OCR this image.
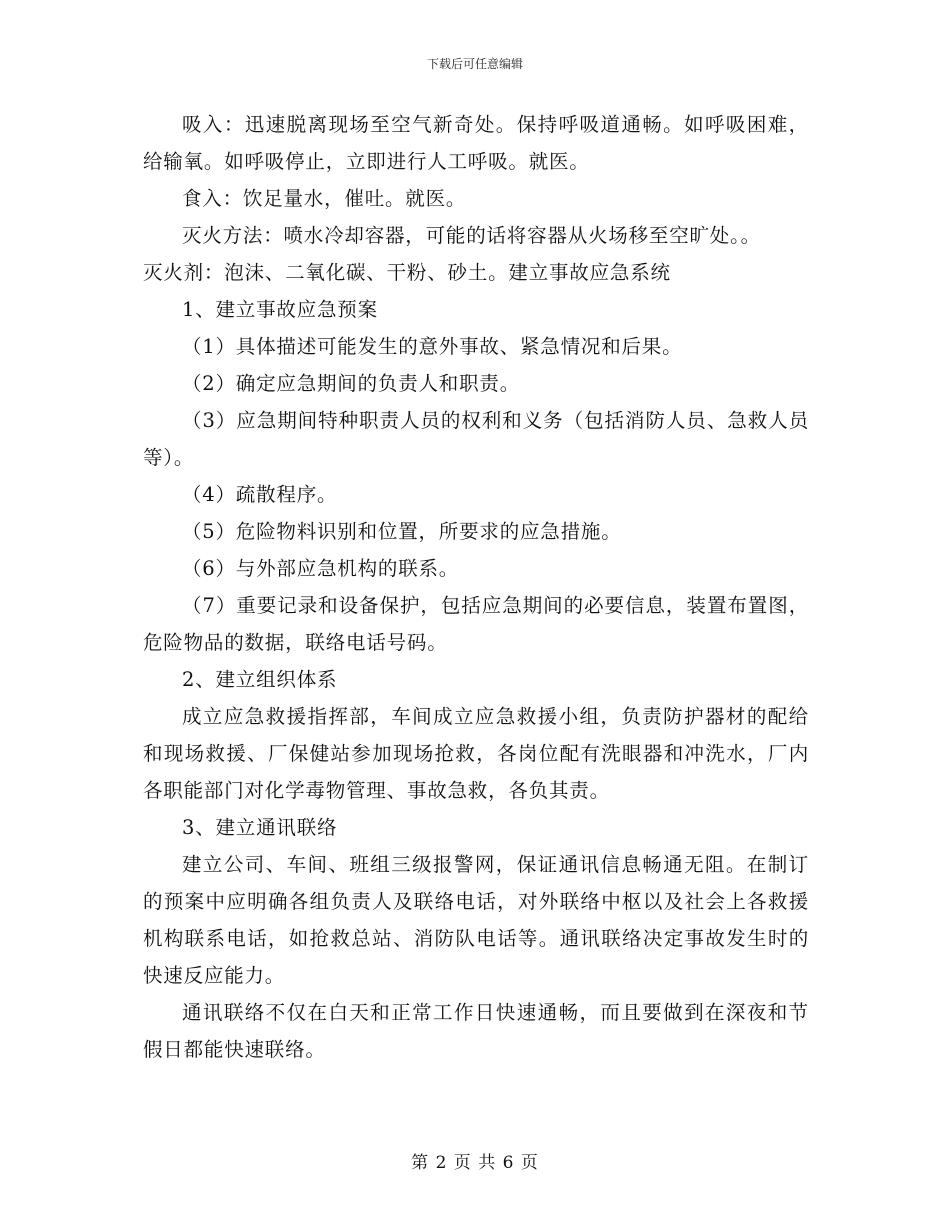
下载后可任意编辑

吸入：迅速脱离现场至空气新奇处。保持呼吸道通畅。如呼吸困难，给输氧。如呼吸停止，立即进行人工呼吸。就医。

食入：饮足量水，催吐。就医。

灭火方法：喷水冷却容器，可能的话将容器从火场移至空旷处。。

灭火剂：泡沫、二氧化碳、干粉、砂土。建立事故应急系统

1、建立事故应急预案

（1）具体描述可能发生的意外事故、紧急情况和后果。

（2）确定应急期间的负责人和职责。

（3）应急期间特种职责人员的权利和义务（包括消防人员、急救人员等）。

（4）疏散程序。

（5）危险物料识别和位置，所要求的应急措施。

（6）与外部应急机构的联系。

（7）重要记录和设备保护，包括应急期间的必要信息，装置布置图，危险物品的数据，联络电话号码。

2、建立组织体系

成立应急救援指挥部，车间成立应急救援小组，负责防护器材的配给和现场救援、厂保健站参加现场抢救，各岗位配有洗眼器和冲洗水，厂内各职能部门对化学毒物管理、事故急救，各负其责。

3、建立通讯联络

建立公司、车间、班组三级报警网，保证通讯信息畅通无阻。在制订的预案中应明确各组负责人及联络电话，对外联络中枢以及社会上各救援机构联系电话，如抢救总站、消防队电话等。通讯联络决定事故发生时的快速反应能力。

通讯联络不仅在白天和正常工作日快速通畅，而且要做到在深夜和节假日都能快速联络。

第 2 页 共 6 页
